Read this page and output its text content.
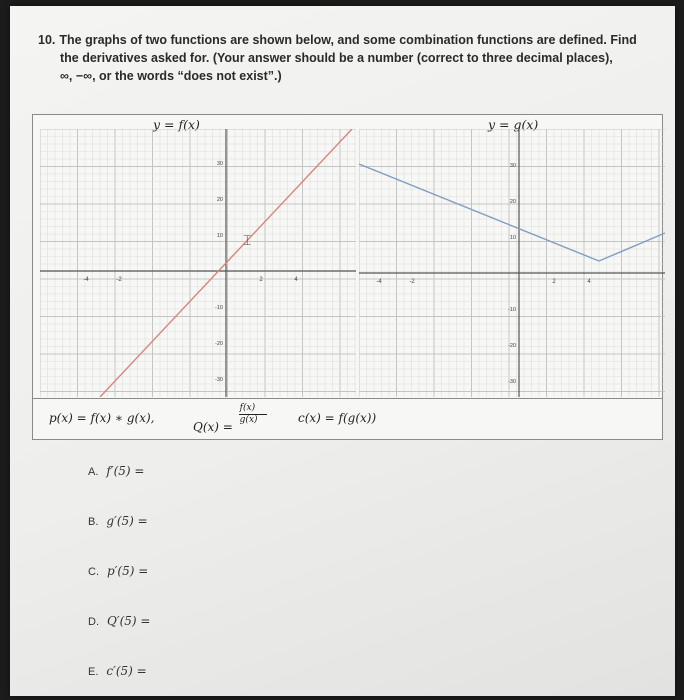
10. The graphs of two functions are shown below, and some combination functions are defined. Find
the derivatives asked for. (Your answer should be a number (correct to three decimal places),
∞, −∞, or the words “does not exist”.)
y = f(x)	y = g(x)
-4	-2	2	4
30
20
10
-10
-20
-30
⌶
-4	-2	2	4
30
20
10
-10
-20
-30
p(x) = f(x) ∗ g(x),
$Q(x) = \frac{f(x)}{g(x)} c(x) = f(g(x))$
A. f′(5) =
B. g′(5) =
C. p′(5) =
D. Q′(5) =
E. c′(5) =
